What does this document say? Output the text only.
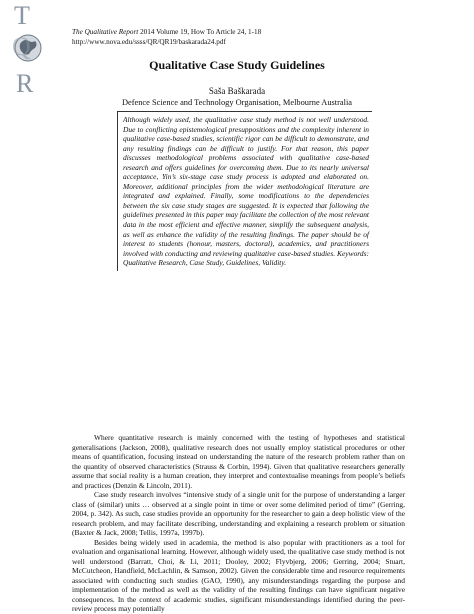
T
Q
R
The Qualitative Report 2014 Volume 19, How To Article 24, 1-18
http://www.nova.edu/ssss/QR/QR19/baskarada24.pdf
Qualitative Case Study Guidelines
Saša Baškarada
Defence Science and Technology Organisation, Melbourne Australia
Although widely used, the qualitative case study method is not well understood. Due to conflicting epistemological presuppositions and the complexity inherent in qualitative case-based studies, scientific rigor can be difficult to demonstrate, and any resulting findings can be difficult to justify. For that reason, this paper discusses methodological problems associated with qualitative case-based research and offers guidelines for overcoming them. Due to its nearly universal acceptance, Yin’s six-stage case study process is adopted and elaborated on. Moreover, additional principles from the wider methodological literature are integrated and explained. Finally, some modifications to the dependencies between the six case study stages are suggested. It is expected that following the guidelines presented in this paper may facilitate the collection of the most relevant data in the most efficient and effective manner, simplify the subsequent analysis, as well as enhance the validity of the resulting findings. The paper should be of interest to students (honour, masters, doctoral), academics, and practitioners involved with conducting and reviewing qualitative case-based studies. Keywords: Qualitative Research, Case Study, Guidelines, Validity.

Where quantitative research is mainly concerned with the testing of hypotheses and statistical generalisations (Jackson, 2008), qualitative research does not usually employ statistical procedures or other means of quantification, focusing instead on understanding the nature of the research problem rather than on the quantity of observed characteristics (Strauss & Corbin, 1994). Given that qualitative researchers generally assume that social reality is a human creation, they interpret and contextualise meanings from people’s beliefs and practices (Denzin & Lincoln, 2011).

Case study research involves “intensive study of a single unit for the purpose of understanding a larger class of (similar) units … observed at a single point in time or over some delimited period of time” (Gerring, 2004, p. 342). As such, case studies provide an opportunity for the researcher to gain a deep holistic view of the research problem, and may facilitate describing, understanding and explaining a research problem or situation (Baxter & Jack, 2008; Tellis, 1997a, 1997b).

Besides being widely used in academia, the method is also popular with practitioners as a tool for evaluation and organisational learning. However, although widely used, the qualitative case study method is not well understood (Barratt, Choi, & Li, 2011; Dooley, 2002; Flyvbjerg, 2006; Gerring, 2004; Stuart, McCutcheon, Handfield, McLachlin, & Samson, 2002). Given the considerable time and resource requirements associated with conducting such studies (GAO, 1990), any misunderstandings regarding the purpose and implementation of the method as well as the validity of the resulting findings can have significant negative consequences. In the context of academic studies, significant misunderstandings identified during the peer-review process may potentially
